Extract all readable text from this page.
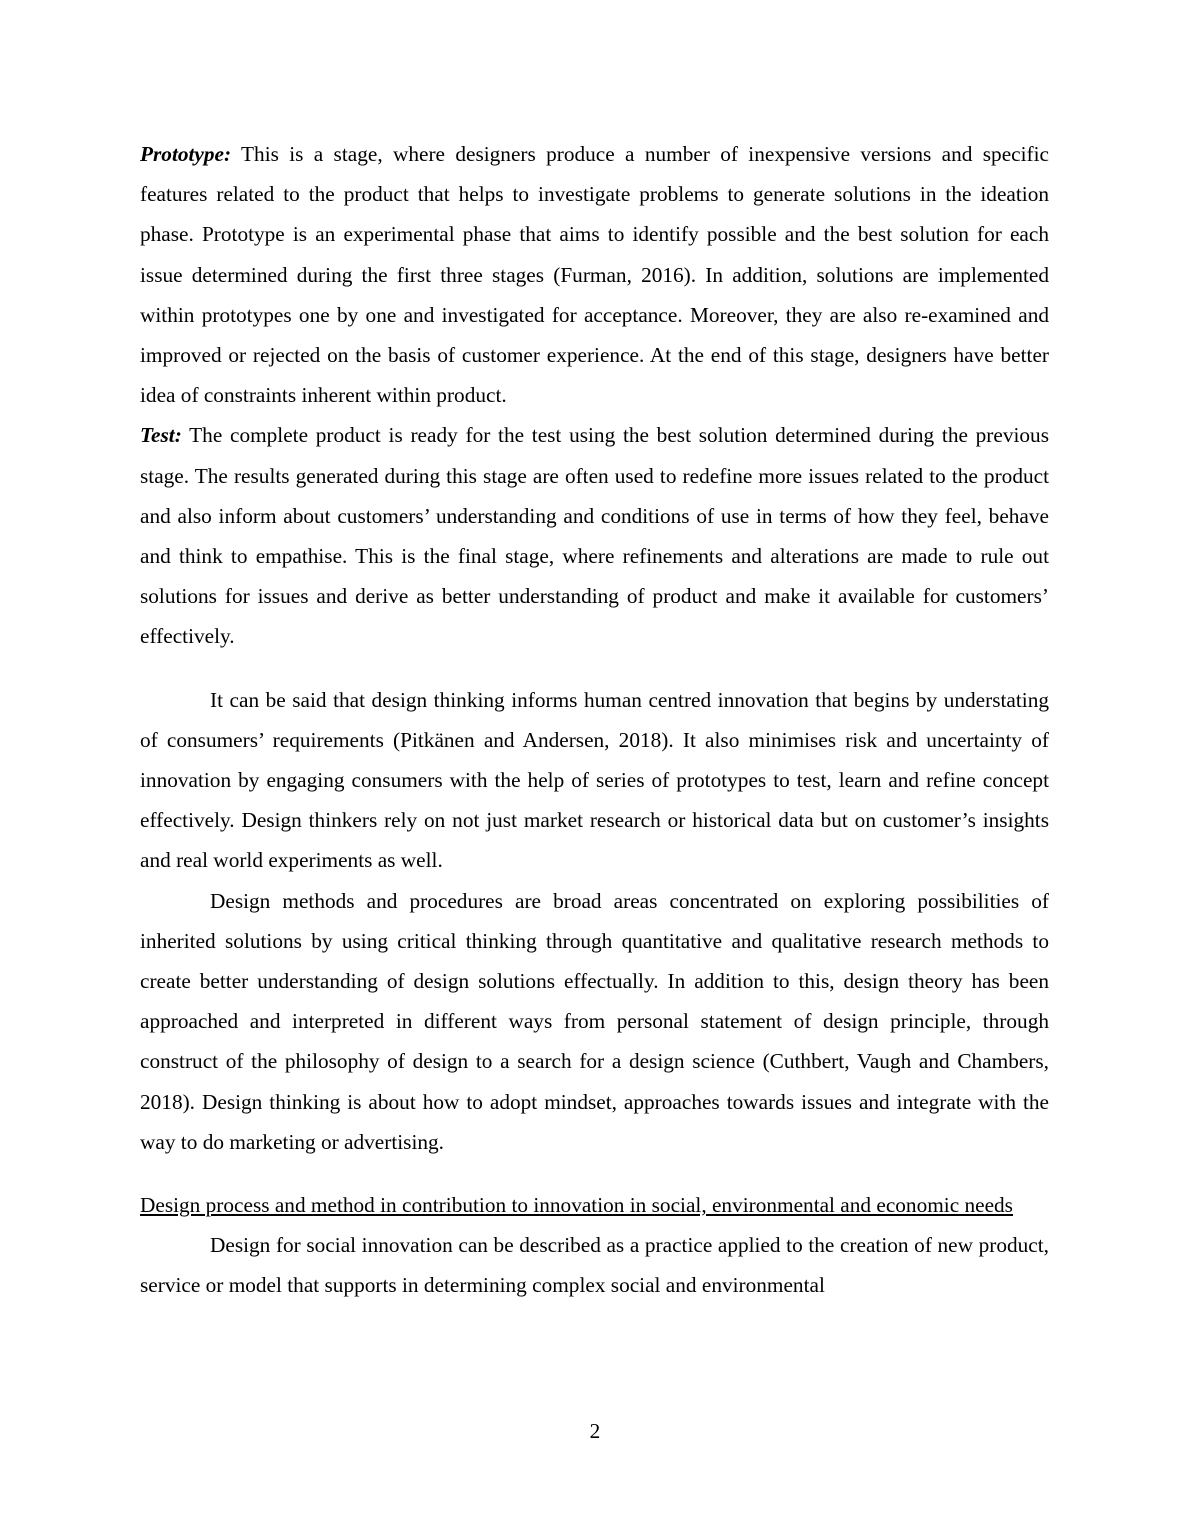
Prototype: This is a stage, where designers produce a number of inexpensive versions and specific features related to the product that helps to investigate problems to generate solutions in the ideation phase. Prototype is an experimental phase that aims to identify possible and the best solution for each issue determined during the first three stages (Furman, 2016). In addition, solutions are implemented within prototypes one by one and investigated for acceptance. Moreover, they are also re-examined and improved or rejected on the basis of customer experience. At the end of this stage, designers have better idea of constraints inherent within product.

Test: The complete product is ready for the test using the best solution determined during the previous stage. The results generated during this stage are often used to redefine more issues related to the product and also inform about customers’ understanding and conditions of use in terms of how they feel, behave and think to empathise. This is the final stage, where refinements and alterations are made to rule out solutions for issues and derive as better understanding of product and make it available for customers’ effectively.

It can be said that design thinking informs human centred innovation that begins by understating of consumers’ requirements (Pitkänen and Andersen, 2018). It also minimises risk and uncertainty of innovation by engaging consumers with the help of series of prototypes to test, learn and refine concept effectively. Design thinkers rely on not just market research or historical data but on customer’s insights and real world experiments as well.

Design methods and procedures are broad areas concentrated on exploring possibilities of inherited solutions by using critical thinking through quantitative and qualitative research methods to create better understanding of design solutions effectually. In addition to this, design theory has been approached and interpreted in different ways from personal statement of design principle, through construct of the philosophy of design to a search for a design science (Cuthbert, Vaugh and Chambers, 2018). Design thinking is about how to adopt mindset, approaches towards issues and integrate with the way to do marketing or advertising.

Design process and method in contribution to innovation in social, environmental and economic needs

Design for social innovation can be described as a practice applied to the creation of new product, service or model that supports in determining complex social and environmental

2
